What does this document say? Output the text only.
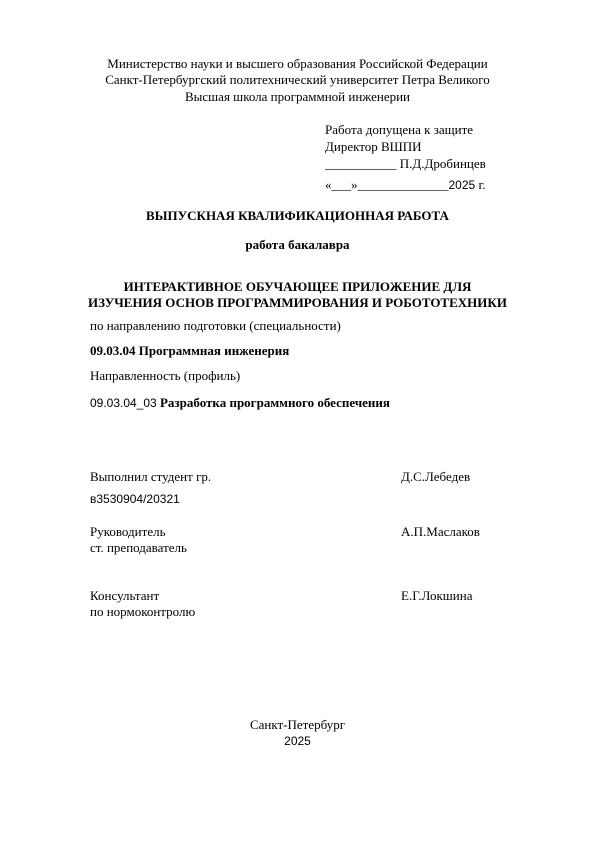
Министерство науки и высшего образования Российской Федерации
Санкт-Петербургский политехнический университет Петра Великого
Высшая школа программной инженерии
Работа допущена к защите
Директор ВШПИ
___________ П.Д.Дробинцев
«___»______________2025 г.
ВЫПУСКНАЯ КВАЛИФИКАЦИОННАЯ РАБОТА
работа бакалавра
ИНТЕРАКТИВНОЕ ОБУЧАЮЩЕЕ ПРИЛОЖЕНИЕ ДЛЯ
ИЗУЧЕНИЯ ОСНОВ ПРОГРАММИРОВАНИЯ И РОБОТОТЕХНИКИ
по направлению подготовки (специальности)
09.03.04 Программная инженерия
Направленность (профиль)
09.03.04_03 Разработка программного обеспечения
Выполнил студент гр.
в3530904/20321
Д.С.Лебедев
Руководитель
ст. преподаватель
А.П.Маслаков
Консультант
по нормоконтролю
Е.Г.Локшина
Санкт-Петербург
2025
